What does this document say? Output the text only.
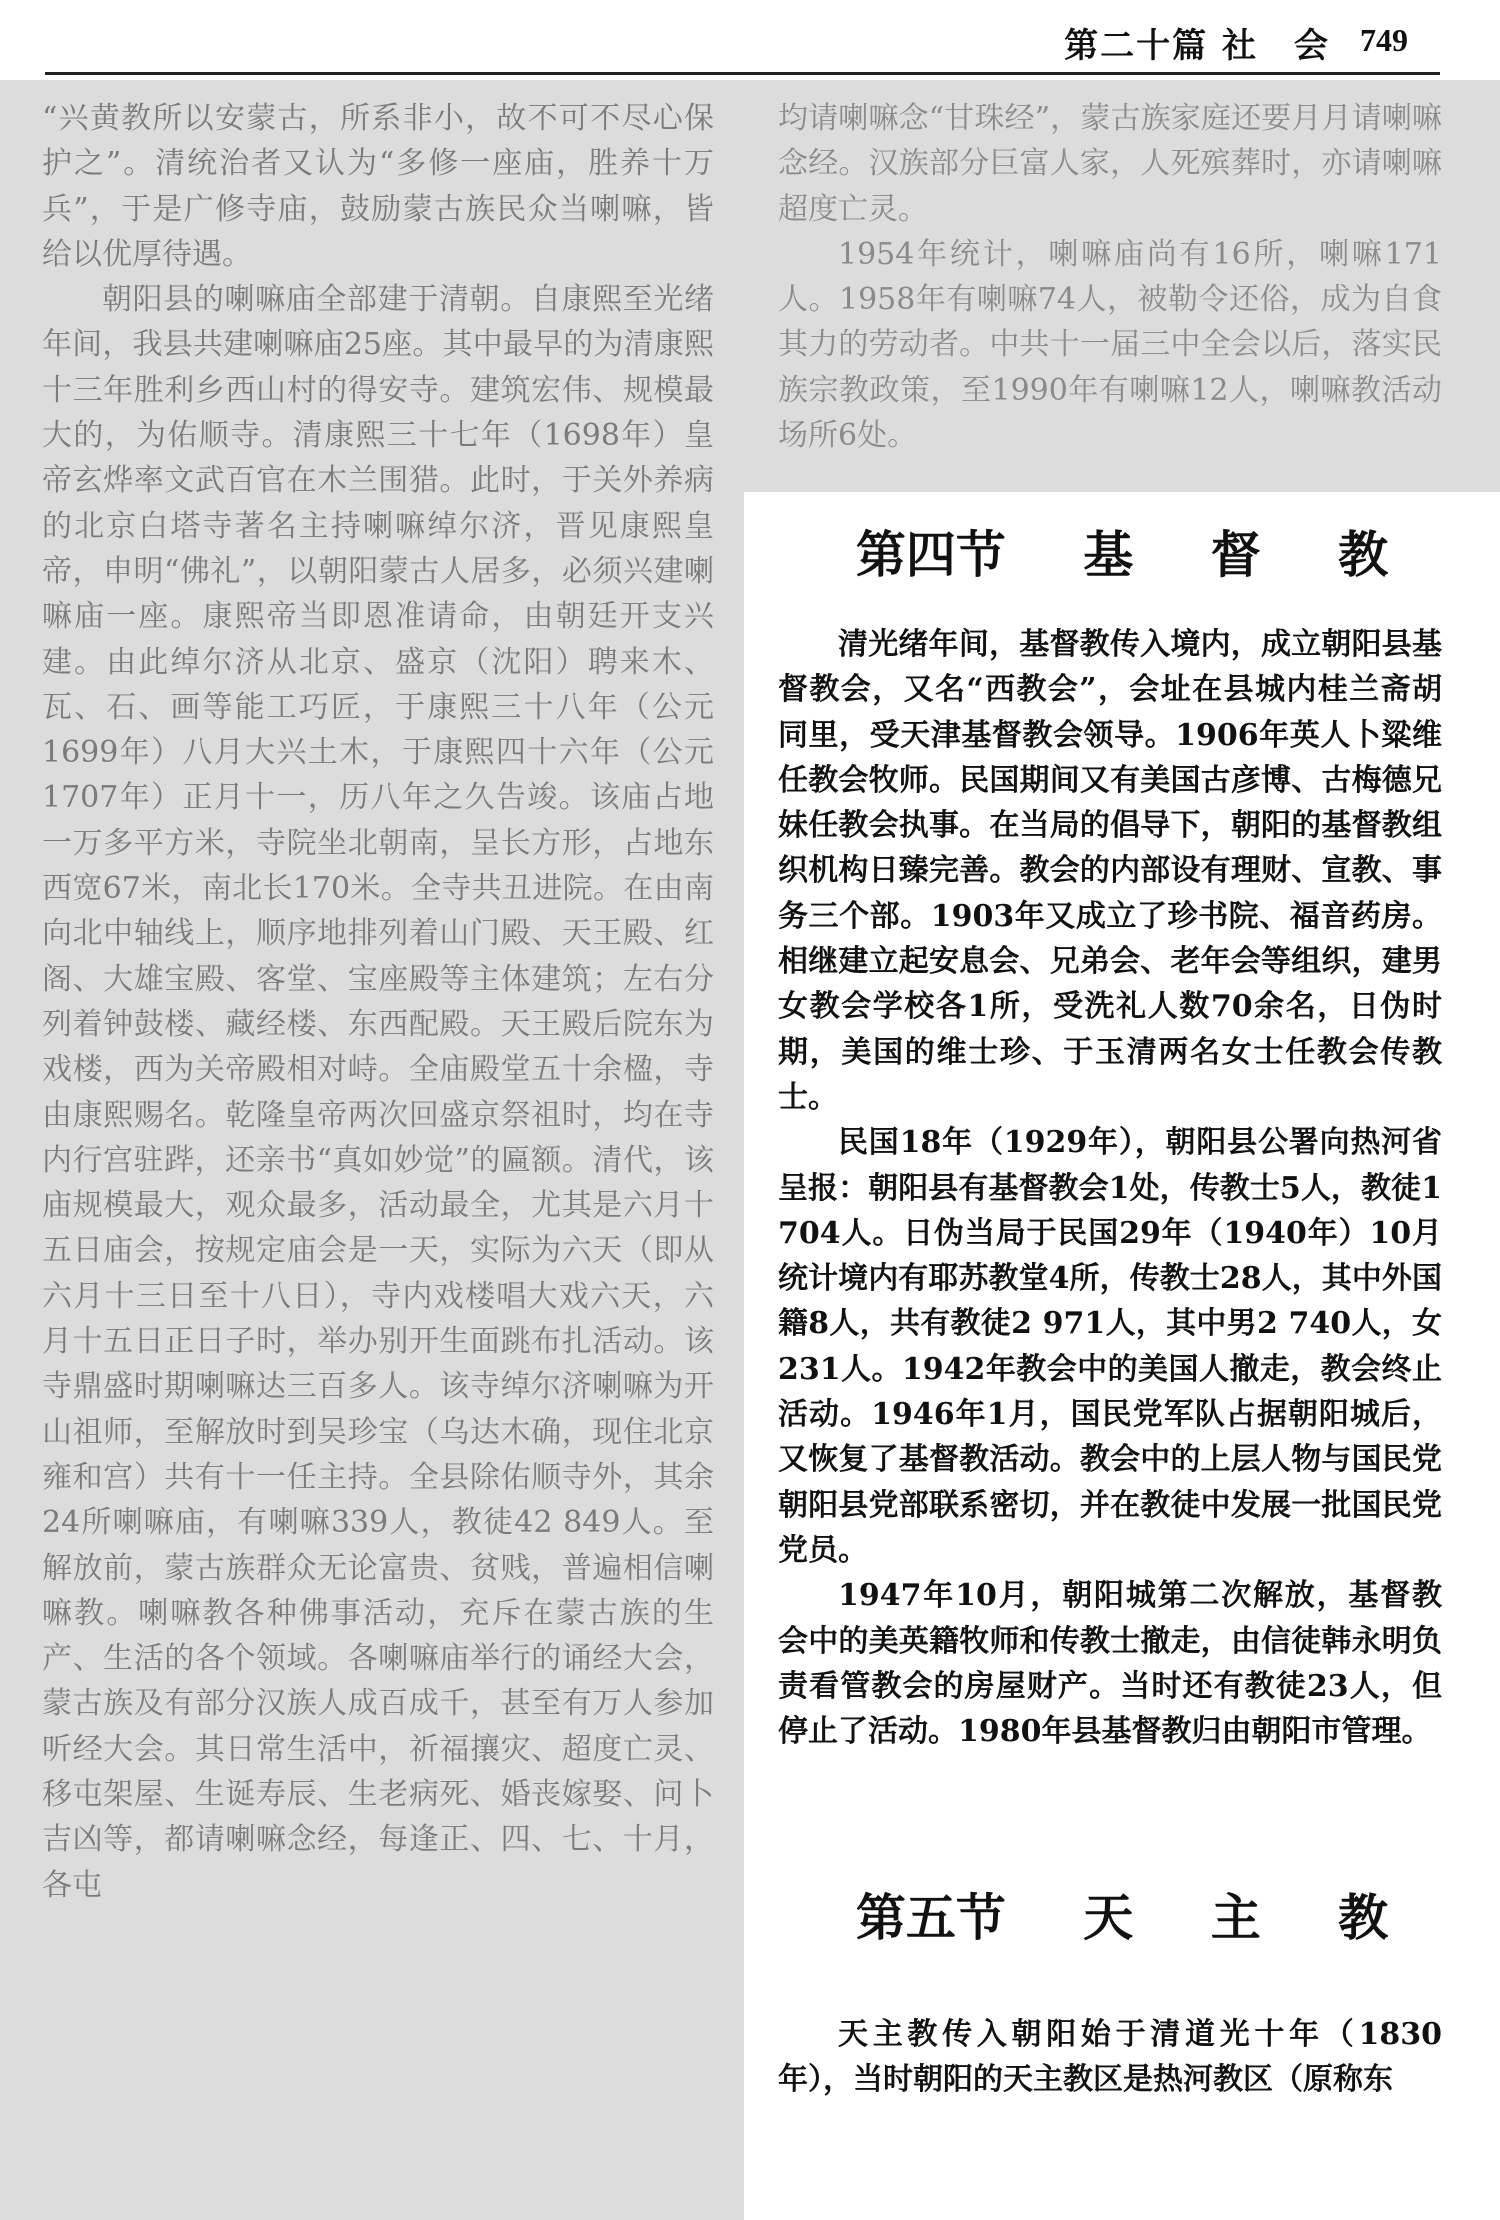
第二十篇 社　会 749

“兴黄教所以安蒙古，所系非小，故不可不尽心保护之”。清统治者又认为“多修一座庙，胜养十万兵”，于是广修寺庙，鼓励蒙古族民众当喇嘛，皆给以优厚待遇。

朝阳县的喇嘛庙全部建于清朝。自康熙至光绪年间，我县共建喇嘛庙25座。其中最早的为清康熙十三年胜利乡西山村的得安寺。建筑宏伟、规模最大的，为佑顺寺。清康熙三十七年（1698年）皇帝玄烨率文武百官在木兰围猎。此时，于关外养病的北京白塔寺著名主持喇嘛绰尔济，晋见康熙皇帝，申明“佛礼”，以朝阳蒙古人居多，必须兴建喇嘛庙一座。康熙帝当即恩准请命，由朝廷开支兴建。由此绰尔济从北京、盛京（沈阳）聘来木、瓦、石、画等能工巧匠，于康熙三十八年（公元1699年）八月大兴土木，于康熙四十六年（公元1707年）正月十一，历八年之久告竣。该庙占地一万多平方米，寺院坐北朝南，呈长方形，占地东西宽67米，南北长170米。全寺共丑进院。在由南向北中轴线上，顺序地排列着山门殿、天王殿、红阁、大雄宝殿、客堂、宝座殿等主体建筑；左右分列着钟鼓楼、藏经楼、东西配殿。天王殿后院东为戏楼，西为关帝殿相对峙。全庙殿堂五十余楹，寺由康熙赐名。乾隆皇帝两次回盛京祭祖时，均在寺内行宫驻跸，还亲书“真如妙觉”的匾额。清代，该庙规模最大，观众最多，活动最全，尤其是六月十五日庙会，按规定庙会是一天，实际为六天（即从六月十三日至十八日），寺内戏楼唱大戏六天，六月十五日正日子时，举办别开生面跳布扎活动。该寺鼎盛时期喇嘛达三百多人。该寺绰尔济喇嘛为开山祖师，至解放时到吴珍宝（乌达木确，现住北京雍和宫）共有十一任主持。全县除佑顺寺外，其余24所喇嘛庙，有喇嘛339人，教徒42 849人。至解放前，蒙古族群众无论富贵、贫贱，普遍相信喇嘛教。喇嘛教各种佛事活动，充斥在蒙古族的生产、生活的各个领域。各喇嘛庙举行的诵经大会，蒙古族及有部分汉族人成百成千，甚至有万人参加听经大会。其日常生活中，祈福攘灾、超度亡灵、移屯架屋、生诞寿辰、生老病死、婚丧嫁娶、问卜吉凶等，都请喇嘛念经，每逢正、四、七、十月，各屯

均请喇嘛念“甘珠经”，蒙古族家庭还要月月请喇嘛念经。汉族部分巨富人家，人死殡葬时，亦请喇嘛超度亡灵。

1954年统计，喇嘛庙尚有16所，喇嘛171人。1958年有喇嘛74人，被勒令还俗，成为自食其力的劳动者。中共十一届三中全会以后，落实民族宗教政策，至1990年有喇嘛12人，喇嘛教活动场所6处。

第四节 基 督 教

清光绪年间，基督教传入境内，成立朝阳县基督教会，又名“西教会”，会址在县城内桂兰斋胡同里，受天津基督教会领导。1906年英人卜粱维任教会牧师。民国期间又有美国古彦博、古梅德兄妹任教会执事。在当局的倡导下，朝阳的基督教组织机构日臻完善。教会的内部设有理财、宣教、事务三个部。1903年又成立了珍书院、福音药房。相继建立起安息会、兄弟会、老年会等组织，建男女教会学校各1所，受洗礼人数70余名，日伪时期，美国的维士珍、于玉清两名女士任教会传教士。

民国18年（1929年），朝阳县公署向热河省呈报：朝阳县有基督教会1处，传教士5人，教徒1 704人。日伪当局于民国29年（1940年）10月统计境内有耶苏教堂4所，传教士28人，其中外国籍8人，共有教徒2 971人，其中男2 740人，女231人。1942年教会中的美国人撤走，教会终止活动。1946年1月，国民党军队占据朝阳城后，又恢复了基督教活动。教会中的上层人物与国民党朝阳县党部联系密切，并在教徒中发展一批国民党党员。

1947年10月，朝阳城第二次解放，基督教会中的美英籍牧师和传教士撤走，由信徒韩永明负责看管教会的房屋财产。当时还有教徒23人，但停止了活动。1980年县基督教归由朝阳市管理。

第五节 天 主 教

天主教传入朝阳始于清道光十年（1830年），当时朝阳的天主教区是热河教区（原称东
